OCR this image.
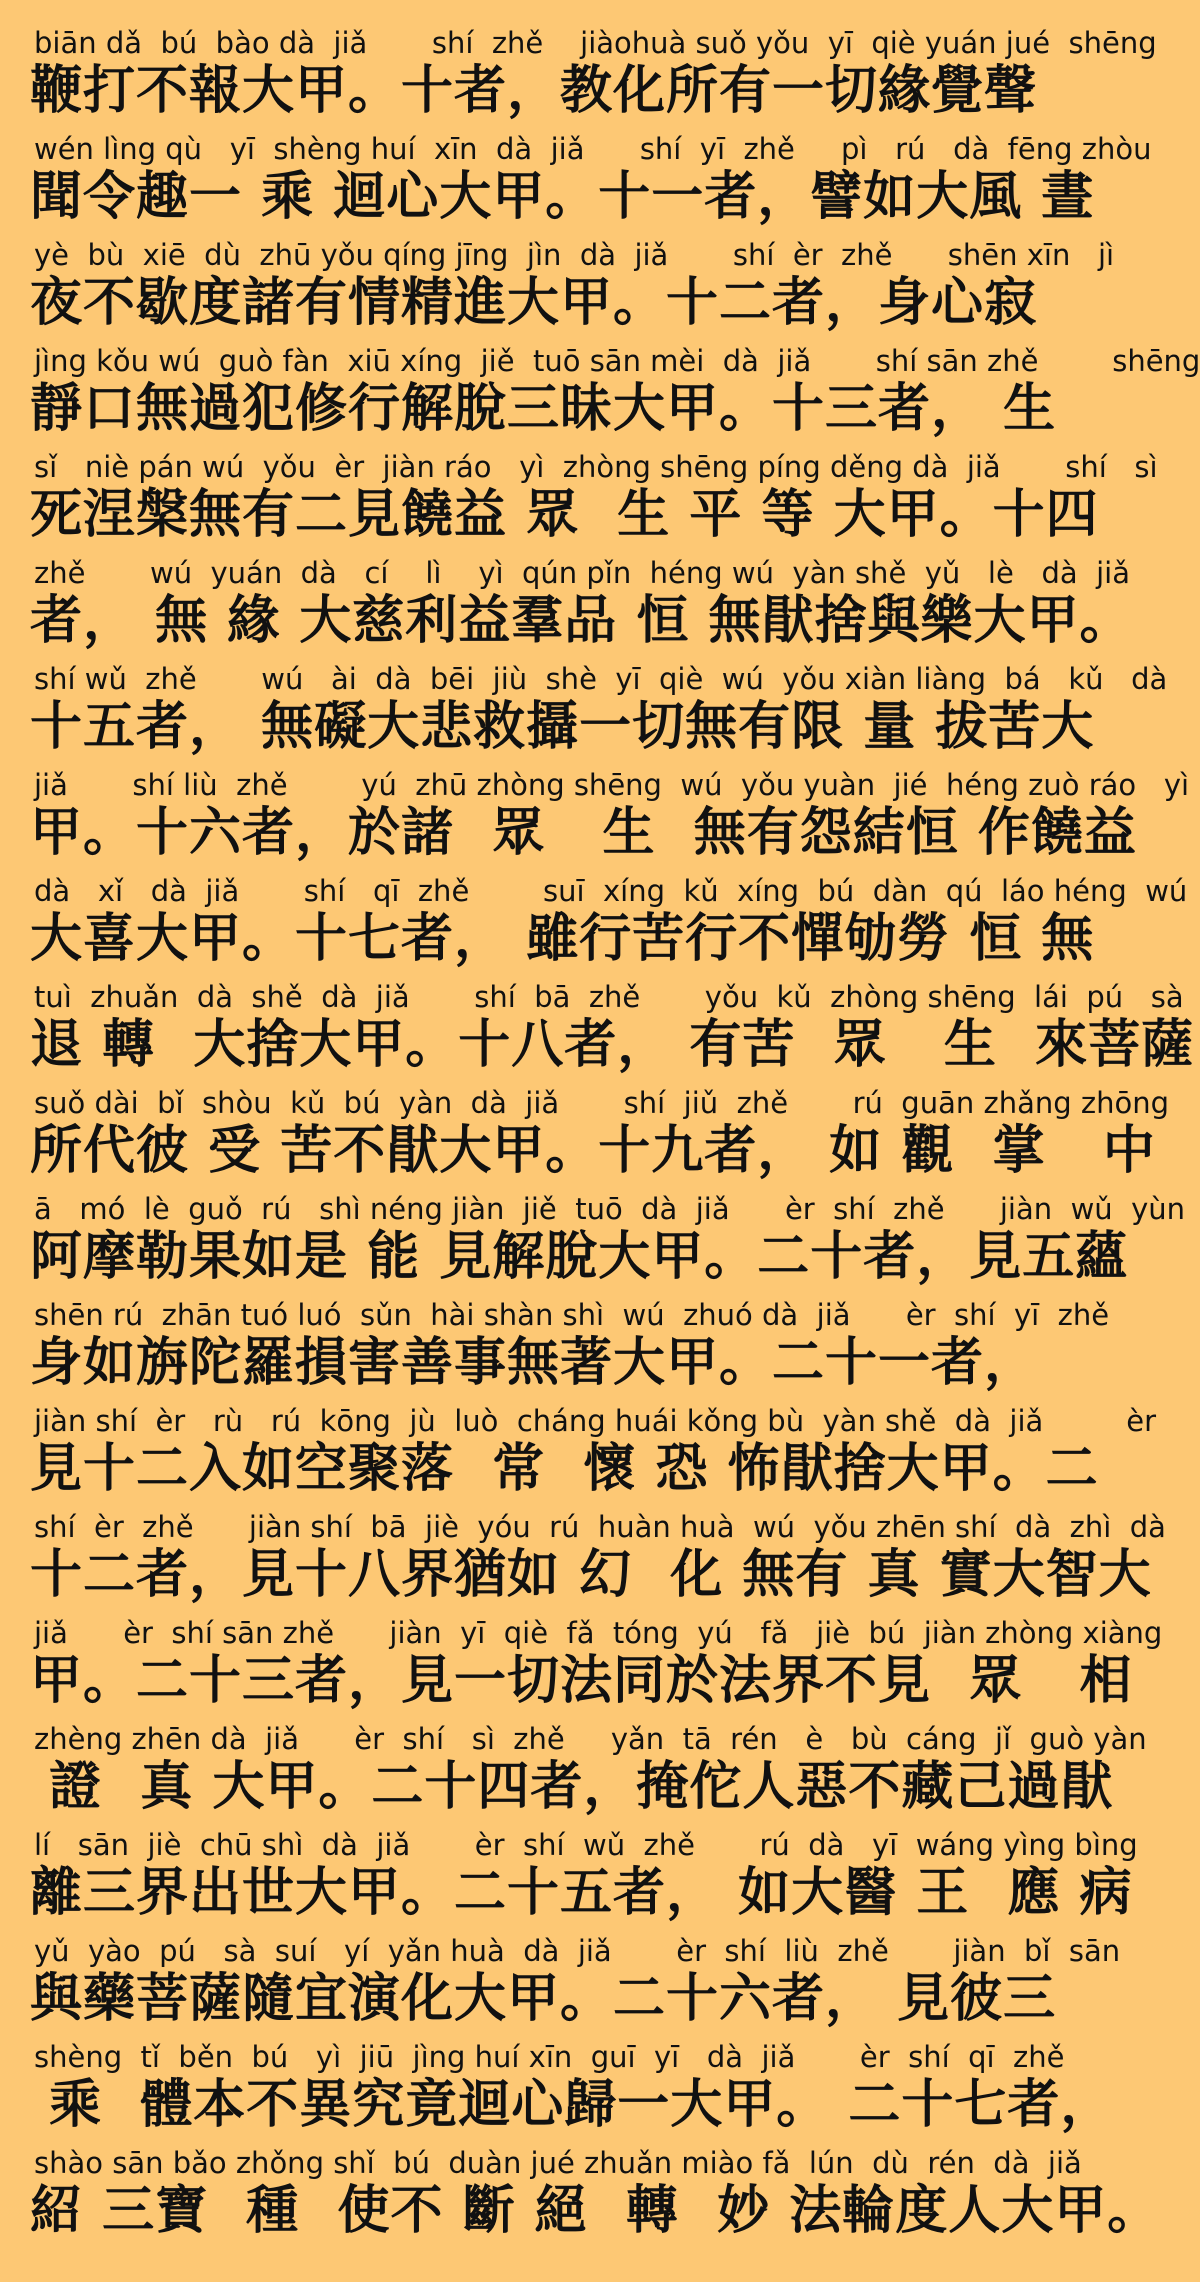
biān dǎ  bú  bào dà  jiǎ       shí  zhě    jiàohuà suǒ yǒu  yī  qiè yuán jué  shēng
鞭打不報大甲。十者，教化所有一切緣覺聲
wén lìng qù   yī  shèng huí  xīn  dà  jiǎ      shí  yī  zhě     pì   rú   dà  fēng zhòu
聞令趣一 乘 迴心大甲。十一者，譬如大風 晝
yè  bù  xiē  dù  zhū yǒu qíng jīng  jìn  dà  jiǎ       shí  èr  zhě      shēn xīn   jì
夜不歇度諸有情精進大甲。十二者，身心寂
jìng kǒu wú  guò fàn  xiū xíng  jiě  tuō sān mèi  dà  jiǎ       shí sān zhě        shēng
靜口無過犯修行解脫三昧大甲。十三者， 生
sǐ   niè pán wú  yǒu  èr  jiàn ráo   yì  zhòng shēng píng děng dà  jiǎ       shí   sì
死涅槃無有二見饒益 眾  生 平 等 大甲。十四
zhě       wú  yuán  dà   cí    lì    yì  qún pǐn  héng wú  yàn shě  yǔ   lè   dà  jiǎ
者， 無 緣 大慈利益羣品 恒 無猒捨與樂大甲。
shí wǔ  zhě       wú   ài  dà  bēi  jiù  shè  yī  qiè  wú  yǒu xiàn liàng  bá   kǔ   dà
十五者， 無礙大悲救攝一切無有限 量 拔苦大
jiǎ       shí liù  zhě        yú  zhū zhòng shēng  wú  yǒu yuàn  jié  héng zuò ráo   yì
甲。十六者，於諸  眾   生  無有怨結恒 作饒益
dà   xǐ   dà  jiǎ       shí   qī  zhě        suī  xíng  kǔ  xíng  bú  dàn  qú  láo héng  wú
大喜大甲。十七者， 雖行苦行不憚劬勞 恒 無
tuì  zhuǎn  dà  shě  dà  jiǎ       shí  bā  zhě       yǒu  kǔ  zhòng shēng  lái  pú   sà
退 轉  大捨大甲。十八者， 有苦  眾   生  來菩薩
suǒ dài  bǐ  shòu  kǔ  bú  yàn  dà  jiǎ       shí  jiǔ  zhě       rú  guān zhǎng zhōng
所代彼 受 苦不猒大甲。十九者， 如 觀  掌   中
ā   mó  lè  guǒ  rú   shì néng jiàn  jiě  tuō  dà  jiǎ      èr  shí  zhě      jiàn  wǔ  yùn
阿摩勒果如是 能 見解脫大甲。二十者，見五蘊
shēn rú  zhān tuó luó  sǔn  hài shàn shì  wú  zhuó dà  jiǎ      èr  shí  yī  zhě
身如旃陀羅損害善事無著大甲。二十一者，
jiàn shí  èr   rù   rú  kōng  jù  luò  cháng huái kǒng bù  yàn shě  dà  jiǎ         èr
見十二入如空聚落  常  懷 恐 怖猒捨大甲。二
shí  èr  zhě      jiàn shí  bā  jiè  yóu  rú  huàn huà  wú  yǒu zhēn shí  dà  zhì  dà
十二者，見十八界猶如 幻  化 無有 真 實大智大
jiǎ      èr  shí sān zhě      jiàn  yī  qiè  fǎ  tóng  yú   fǎ   jiè  bú  jiàn zhòng xiàng
甲。二十三者，見一切法同於法界不見  眾   相
zhèng zhēn dà  jiǎ      èr  shí   sì  zhě     yǎn  tā  rén   è   bù  cáng  jǐ  guò yàn
證  真 大甲。二十四者，掩佗人惡不藏己過猒
lí   sān  jiè  chū shì  dà  jiǎ       èr  shí  wǔ  zhě       rú  dà   yī  wáng yìng bìng
離三界出世大甲。二十五者， 如大醫 王  應 病
yǔ  yào  pú   sà  suí   yí  yǎn huà  dà  jiǎ       èr  shí  liù  zhě       jiàn  bǐ  sān
與藥菩薩隨宜演化大甲。二十六者， 見彼三
shèng  tǐ  běn  bú   yì  jiū  jìng huí xīn  guī  yī   dà  jiǎ       èr  shí  qī  zhě
乘  體本不異究竟迴心歸一大甲。 二十七者，
shào sān bǎo zhǒng shǐ  bú  duàn jué zhuǎn miào fǎ  lún  dù  rén  dà  jiǎ
紹 三寶  種  使不 斷 絕  轉  妙 法輪度人大甲。
